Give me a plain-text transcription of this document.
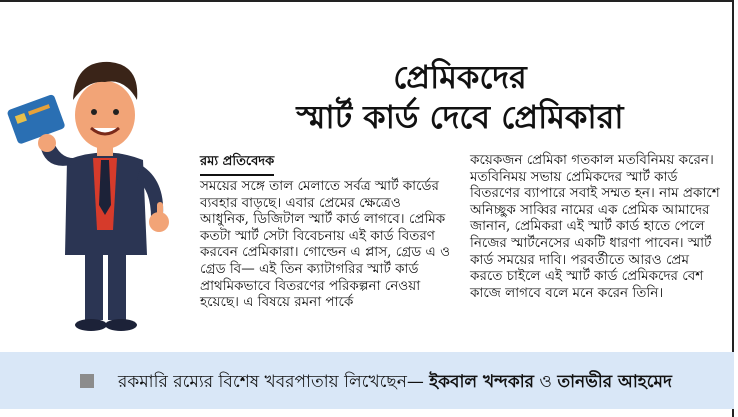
প্রেমিকদের
স্মার্ট কার্ড দেবে প্রেমিকারা
রম্য প্রতিবেদক

সময়ের সঙ্গে তাল মেলাতে সর্বত্র স্মার্ট কার্ডের ব্যবহার বাড়ছে। এবার প্রেমের ক্ষেত্রেও আধুনিক, ডিজিটাল স্মার্ট কার্ড লাগবে। প্রেমিক কতটা স্মার্ট সেটা বিবেচনায় এই কার্ড বিতরণ করবেন প্রেমিকারা। গোল্ডেন এ প্লাস, গ্রেড এ ও গ্রেড বি— এই তিন ক্যাটাগরির স্মার্ট কার্ড প্রাথমিকভাবে বিতরণের পরিকল্পনা নেওয়া হয়েছে। এ বিষয়ে রমনা পার্কে

কয়েকজন প্রেমিকা গতকাল মতবিনিময় করেন। মতবিনিময় সভায় প্রেমিকদের স্মার্ট কার্ড বিতরণের ব্যাপারে সবাই সম্মত হন। নাম প্রকাশে অনিচ্ছুক সাব্বির নামের এক প্রেমিক আমাদের জানান, প্রেমিকরা এই স্মার্ট কার্ড হাতে পেলে নিজের স্মার্টনেসের একটি ধারণা পাবেন। স্মার্ট কার্ড সময়ের দাবি। পরবর্তীতে আরও প্রেম করতে চাইলে এই স্মার্ট কার্ড প্রেমিকদের বেশ কাজে লাগবে বলে মনে করেন তিনি।

রকমারি রম্যের বিশেষ খবরপাতায় লিখেছেন— ইকবাল খন্দকার ও তানভীর আহমেদ
